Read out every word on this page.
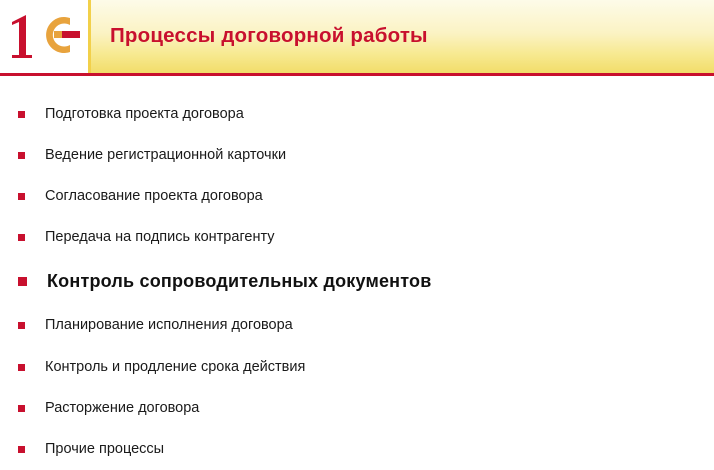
Процессы договорной работы
Подготовка проекта договора
Ведение регистрационной карточки
Согласование проекта договора
Передача на подпись контрагенту
Контроль сопроводительных документов
Планирование исполнения договора
Контроль и продление срока действия
Расторжение договора
Прочие процессы
